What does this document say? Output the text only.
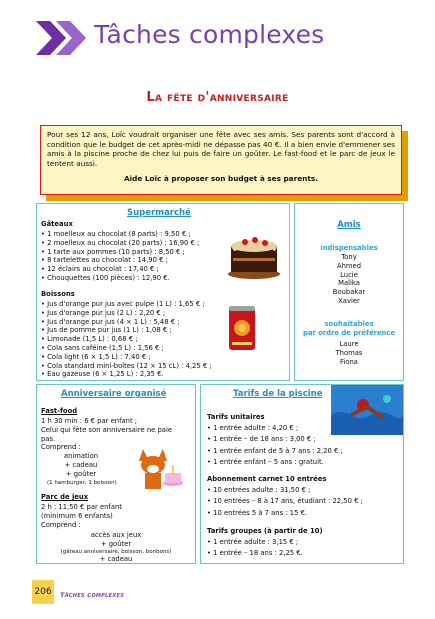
Tâches complexes
La fête d'anniversaire

Pour ses 12 ans, Loïc voudrait organiser une fête avec ses amis. Ses parents sont d'accord à condition que le budget de cet après-midi ne dépasse pas 40 €. Il a bien envie d'emmener ses amis à la piscine proche de chez lui puis de faire un goûter. Le fast-food et le parc de jeux le tentent aussi.

Aide Loïc à proposer son budget à ses parents.

Supermarché
Gâteaux
• 1 moelleux au chocolat (8 parts) : 9,50 € ;
• 2 moelleux au chocolat (20 parts) : 16,90 € ;
• 1 tarte aux pommes (10 parts) : 8,50 € ;
• 8 tartelettes au chocolat : 14,90 € ;
• 12 éclairs au chocolat : 17,40 € ;
• Chouquettes (100 pièces) : 12,90 €.
Boissons
• Jus d'orange pur jus avec pulpe (1 L) : 1,65 € ;
• Jus d'orange pur jus (2 L) : 2,20 € ;
• Jus d'orange pur jus (4 × 1 L) : 5,48 € ;
• Jus de pomme pur jus (1 L) : 1,08 € ;
• Limonade (1,5 L) : 0,68 € ;
• Cola sans caféine (1,5 L) : 1,56 € ;
• Cola light (6 × 1,5 L) : 7,40 € ;
• Cola standard mini-boîtes (12 × 15 cL) : 4,25 € ;
• Eau gazeuse (6 × 1,25 L) : 2,35 €.
Amis
indispensables
Tony
Ahmed
Lucie
Malika
Boubakar
Xavier
souhaitables
par ordre de préférence
Laure
Thomas
Fiona
Anniversaire organisé
Fast-food
1 h 30 min : 6 € par enfant ;
Celui qui fête son anniversaire ne paie
pas.
Comprend :
animation
+ cadeau
+ goûter
(1 hamburger, 1 boisson)
Parc de jeux
2 h : 11,50 € par enfant
(minimum 6 enfants)
Comprend :
accès aux jeux
+ goûter
(gâteau anniversaire, boisson, bonbons)
+ cadeau
Tarifs de la piscine
Tarifs unitaires
• 1 entrée adulte : 4,20 € ;
• 1 entrée – de 18 ans : 3,00 € ;
• 1 entrée enfant de 5 à 7 ans : 2,20 € ;
• 1 entrée enfant – 5 ans : gratuit.
Abonnement carnet 10 entrées
• 10 entrées adulte : 31,50 € ;
• 10 entrées – 8 à 17 ans, étudiant : 22,50 € ;
• 10 entrées 5 à 7 ans : 15 €.
Tarifs groupes (à partir de 10)
• 1 entrée adulte : 3,15 € ;
• 1 entrée – 18 ans : 2,25 €.
206	Tâches complexes
